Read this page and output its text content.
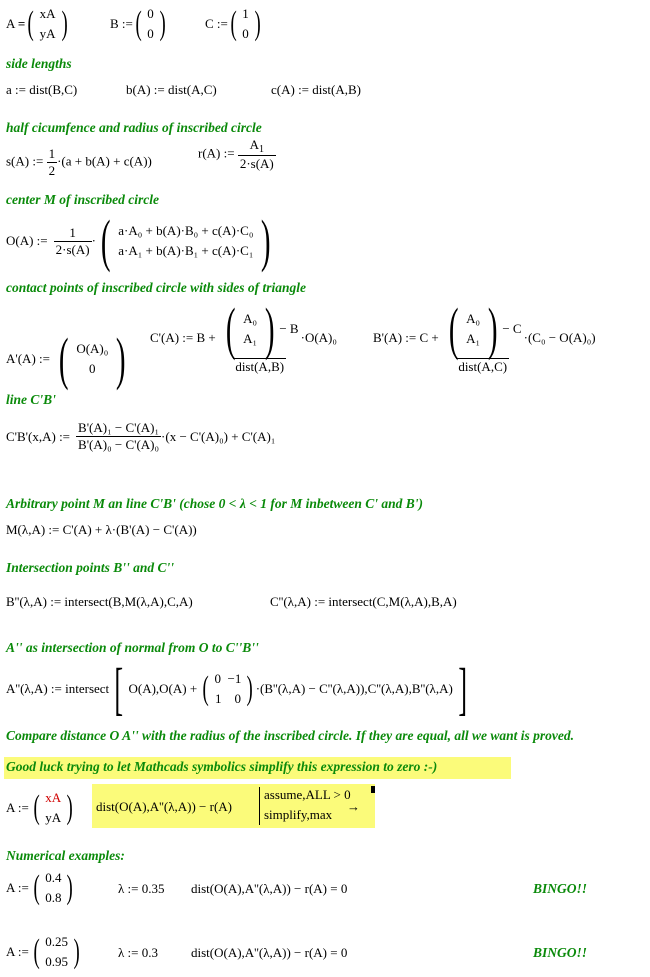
A = ( xA
yA )	B := ( 0
0 )	C := ( 1
0 )
side lengths
a := dist(B,C)	b(A) := dist(A,C)	c(A) := dist(A,B)
half cicumfence and radius of inscribed circle
s(A) := $\frac{1}{2} \cdot(a + b(A) + c(A))$
r(A) := $\frac{A_1}{2\cdot s(A)}$
center M of inscribed circle
O(A) := $\frac{1}{2\cdot s(A)}$ · ( a·A₀ + b(A)·B₀ + c(A)·C₀
a·A₁ + b(A)·B₁ + c(A)·C₁ )
contact points of inscribed circle with sides of triangle
A'(A) := ( O(A)₀
0 ) C'(A) := B + ( A₀
A₁ ) − B
dist(A,B) ·O(A)₀	B'(A) := C + ( A₀
A₁ ) − C
dist(A,C) ·(C₀ − O(A)₀)
line C'B'
C'B'(x,A) := $\frac{\text{B'(A)₁ − C'(A)₁}}{\text{B'(A)₀ − C'(A)₀}} \cdot(x - C'(A)_0) + C'(A)_1$
Arbitrary point M an line C'B' (chose 0 < λ < 1 for M inbetween C' and B')
M(λ,A) := C'(A) + λ·(B'(A) − C'(A))
Intersection points B'' and C''
B''(λ,A) := intersect(B,M(λ,A),C,A)	C''(λ,A) := intersect(C,M(λ,A),B,A)
A'' as intersection of normal from O to C''B''
A''(λ,A) := intersect [ O(A),O(A) + ( 0 −1
1 0 ) ·(B''(λ,A) − C''(λ,A)),C''(λ,A),B''(λ,A) ]
Compare distance O A'' with the radius of the inscribed circle. If they are equal, all we want is proved.
Good luck trying to let Mathcads symbolics simplify this expression to zero :-)
A := ( xA
yA ) dist(O(A),A''(λ,A)) − r(A)
assume,ALL > 0
simplify,max
→
Numerical examples:
A := ( 0.4
0.8 )	λ := 0.35 dist(O(A),A''(λ,A)) − r(A) = 0	BINGO!!
A := ( 0.25
0.95 )	λ := 0.3	dist(O(A),A''(λ,A)) − r(A) = 0	BINGO!!
